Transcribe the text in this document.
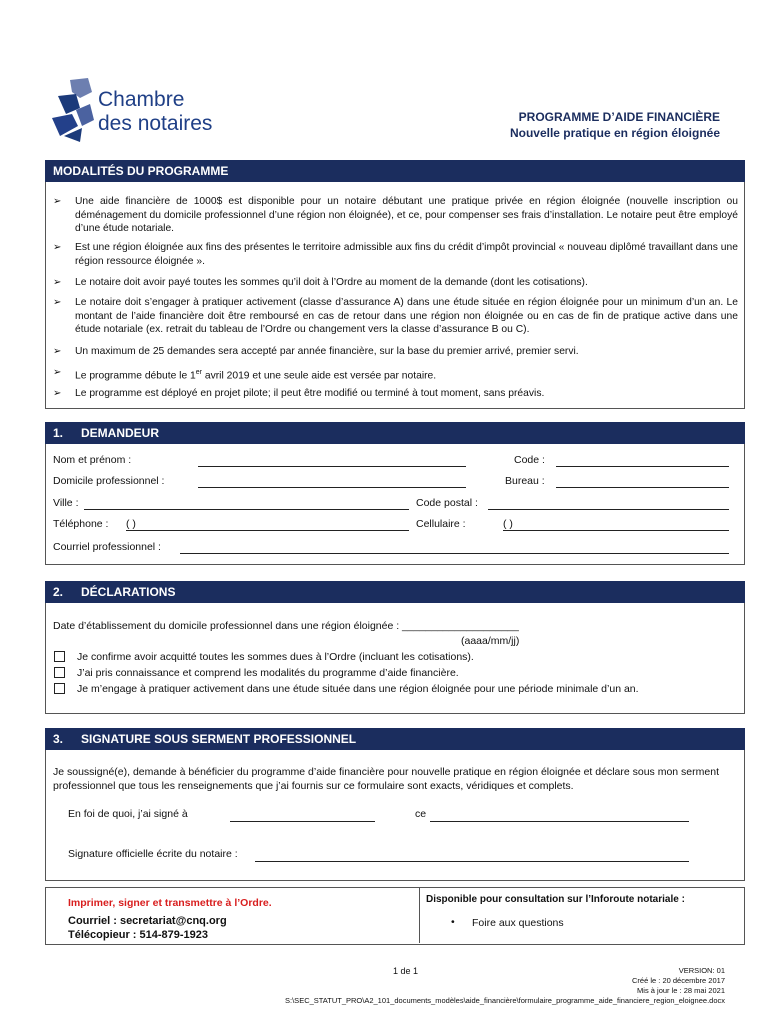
Chambre
des notaires	PROGRAMME D’AIDE FINANCIÈRE
Nouvelle pratique en région éloignée
MODALITÉS DU PROGRAMME
➢ Une aide financière de 1000$ est disponible pour un notaire débutant une pratique privée en région éloignée (nouvelle inscription ou déménagement du domicile professionnel d’une région non éloignée), et ce, pour compenser ses frais d’installation. Le notaire peut être employé d’une étude notariale.
➢ Est une région éloignée aux fins des présentes le territoire admissible aux fins du crédit d’impôt provincial « nouveau diplômé travaillant dans une région ressource éloignée ».
➢ Le notaire doit avoir payé toutes les sommes qu’il doit à l’Ordre au moment de la demande (dont les cotisations).
➢ Le notaire doit s’engager à pratiquer activement (classe d’assurance A) dans une étude située en région éloignée pour un minimum d’un an. Le montant de l’aide financière doit être remboursé en cas de retour dans une région non éloignée ou en cas de fin de pratique active dans une étude notariale (ex. retrait du tableau de l’Ordre ou changement vers la classe d’assurance B ou C).
➢ Un maximum de 25 demandes sera accepté par année financière, sur la base du premier arrivé, premier servi.
➢ Le programme débute le 1er avril 2019 et une seule aide est versée par notaire.
➢ Le programme est déployé en projet pilote; il peut être modifié ou terminé à tout moment, sans préavis.
1. DEMANDEUR
Nom et prénom :	Code :
Domicile professionnel :	Bureau :
Ville :	Code postal :
Téléphone : ( )	Cellulaire :	( )
Courriel professionnel :
2. DÉCLARATIONS
Date d’établissement du domicile professionnel dans une région éloignée : ____________________
(aaaa/mm/jj)
Je confirme avoir acquitté toutes les sommes dues à l’Ordre (incluant les cotisations).
J’ai pris connaissance et comprend les modalités du programme d’aide financière.
Je m’engage à pratiquer activement dans une étude située dans une région éloignée pour une période minimale d’un an.
3. SIGNATURE SOUS SERMENT PROFESSIONNEL
Je soussigné(e), demande à bénéficier du programme d’aide financière pour nouvelle pratique en région éloignée et déclare sous mon serment professionnel que tous les renseignements que j’ai fournis sur ce formulaire sont exacts, véridiques et complets.
En foi de quoi, j’ai signé à	ce
Signature officielle écrite du notaire :
Imprimer, signer et transmettre à l’Ordre.
Courriel : secretariat@cnq.org
Télécopieur : 514-879-1923
Disponible pour consultation sur l’Inforoute notariale :
• Foire aux questions
1 de 1	VERSION: 01
Créé le : 20 décembre 2017
Mis à jour le : 28 mai 2021
S:\SEC_STATUT_PRO\A2_101_documents_modèles\aide_financière\formulaire_programme_aide_financiere_region_eloignee.docx
